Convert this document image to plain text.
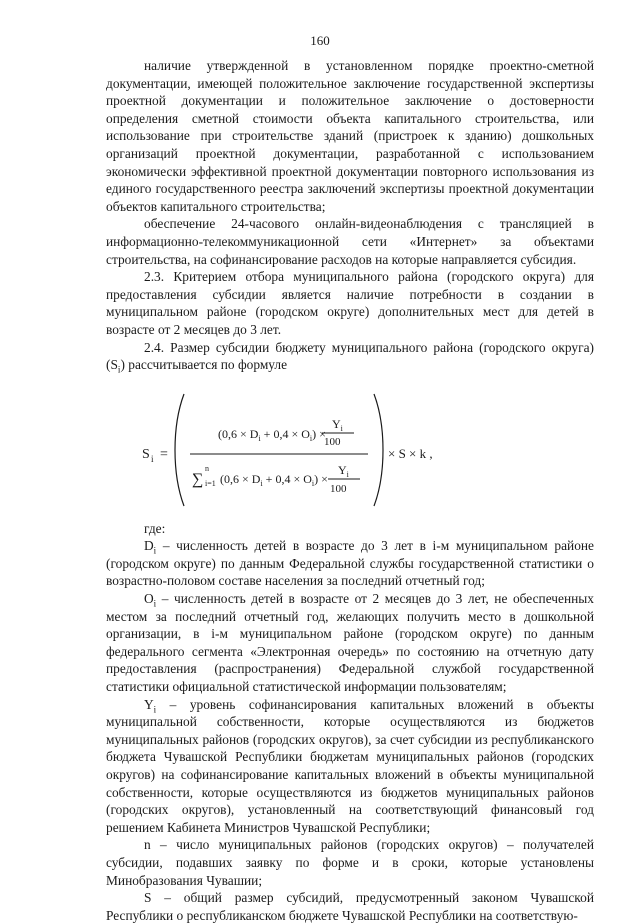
160

наличие утвержденной в установленном порядке проектно-сметной документации, имеющей положительное заключение государственной экспертизы проектной документации и положительное заключение о достоверности определения сметной стоимости объекта капитального строительства, или использование при строительстве зданий (пристроек к зданию) дошкольных организаций проектной документации, разработанной с использованием экономически эффективной проектной документации повторного использования из единого государственного реестра заключений экспертизы проектной документации объектов капитального строительства;

обеспечение 24-часового онлайн-видеонаблюдения с трансляцией в информационно-телекоммуникационной сети «Интернет» за объектами строительства, на софинансирование расходов на которые направляется субсидия.

2.3. Критерием отбора муниципального района (городского округа) для предоставления субсидии является наличие потребности в создании в муниципальном районе (городском округе) дополнительных мест для детей в возрасте от 2 месяцев до 3 лет.

2.4. Размер субсидии бюджету муниципального района (городского округа) $(S_i)$ рассчитывается по формуле

S i =
$(0,6 \times D_i + 0,4 \times O_i)$ ×
$Y_i$
100
∑
n
i=1 $(0,6 \times D_i + 0,4 \times O_i)$ ×
$Y_i$
100
× S × k ,

где:

$D_i$ – численность детей в возрасте до 3 лет в i-м муниципальном районе (городском округе) по данным Федеральной службы государственной статистики о возрастно-половом составе населения за последний отчетный год;

$O_i$ – численность детей в возрасте от 2 месяцев до 3 лет, не обеспеченных местом за последний отчетный год, желающих получить место в дошкольной организации, в i-м муниципальном районе (городском округе) по данным федерального сегмента «Электронная очередь» по состоянию на отчетную дату предоставления (распространения) Федеральной службой государственной статистики официальной статистической информации пользователям;

$Y_i$ – уровень софинансирования капитальных вложений в объекты муниципальной собственности, которые осуществляются из бюджетов муниципальных районов (городских округов), за счет субсидии из республиканского бюджета Чувашской Республики бюджетам муниципальных районов (городских округов) на софинансирование капитальных вложений в объекты муниципальной собственности, которые осуществляются из бюджетов муниципальных районов (городских округов), установленный на соответствующий финансовый год решением Кабинета Министров Чувашской Республики;

n – число муниципальных районов (городских округов) – получателей субсидии, подавших заявку по форме и в сроки, которые установлены Минобразования Чувашии;

S – общий размер субсидий, предусмотренный законом Чувашской Республики о республиканском бюджете Чувашской Республики на соответствую-
